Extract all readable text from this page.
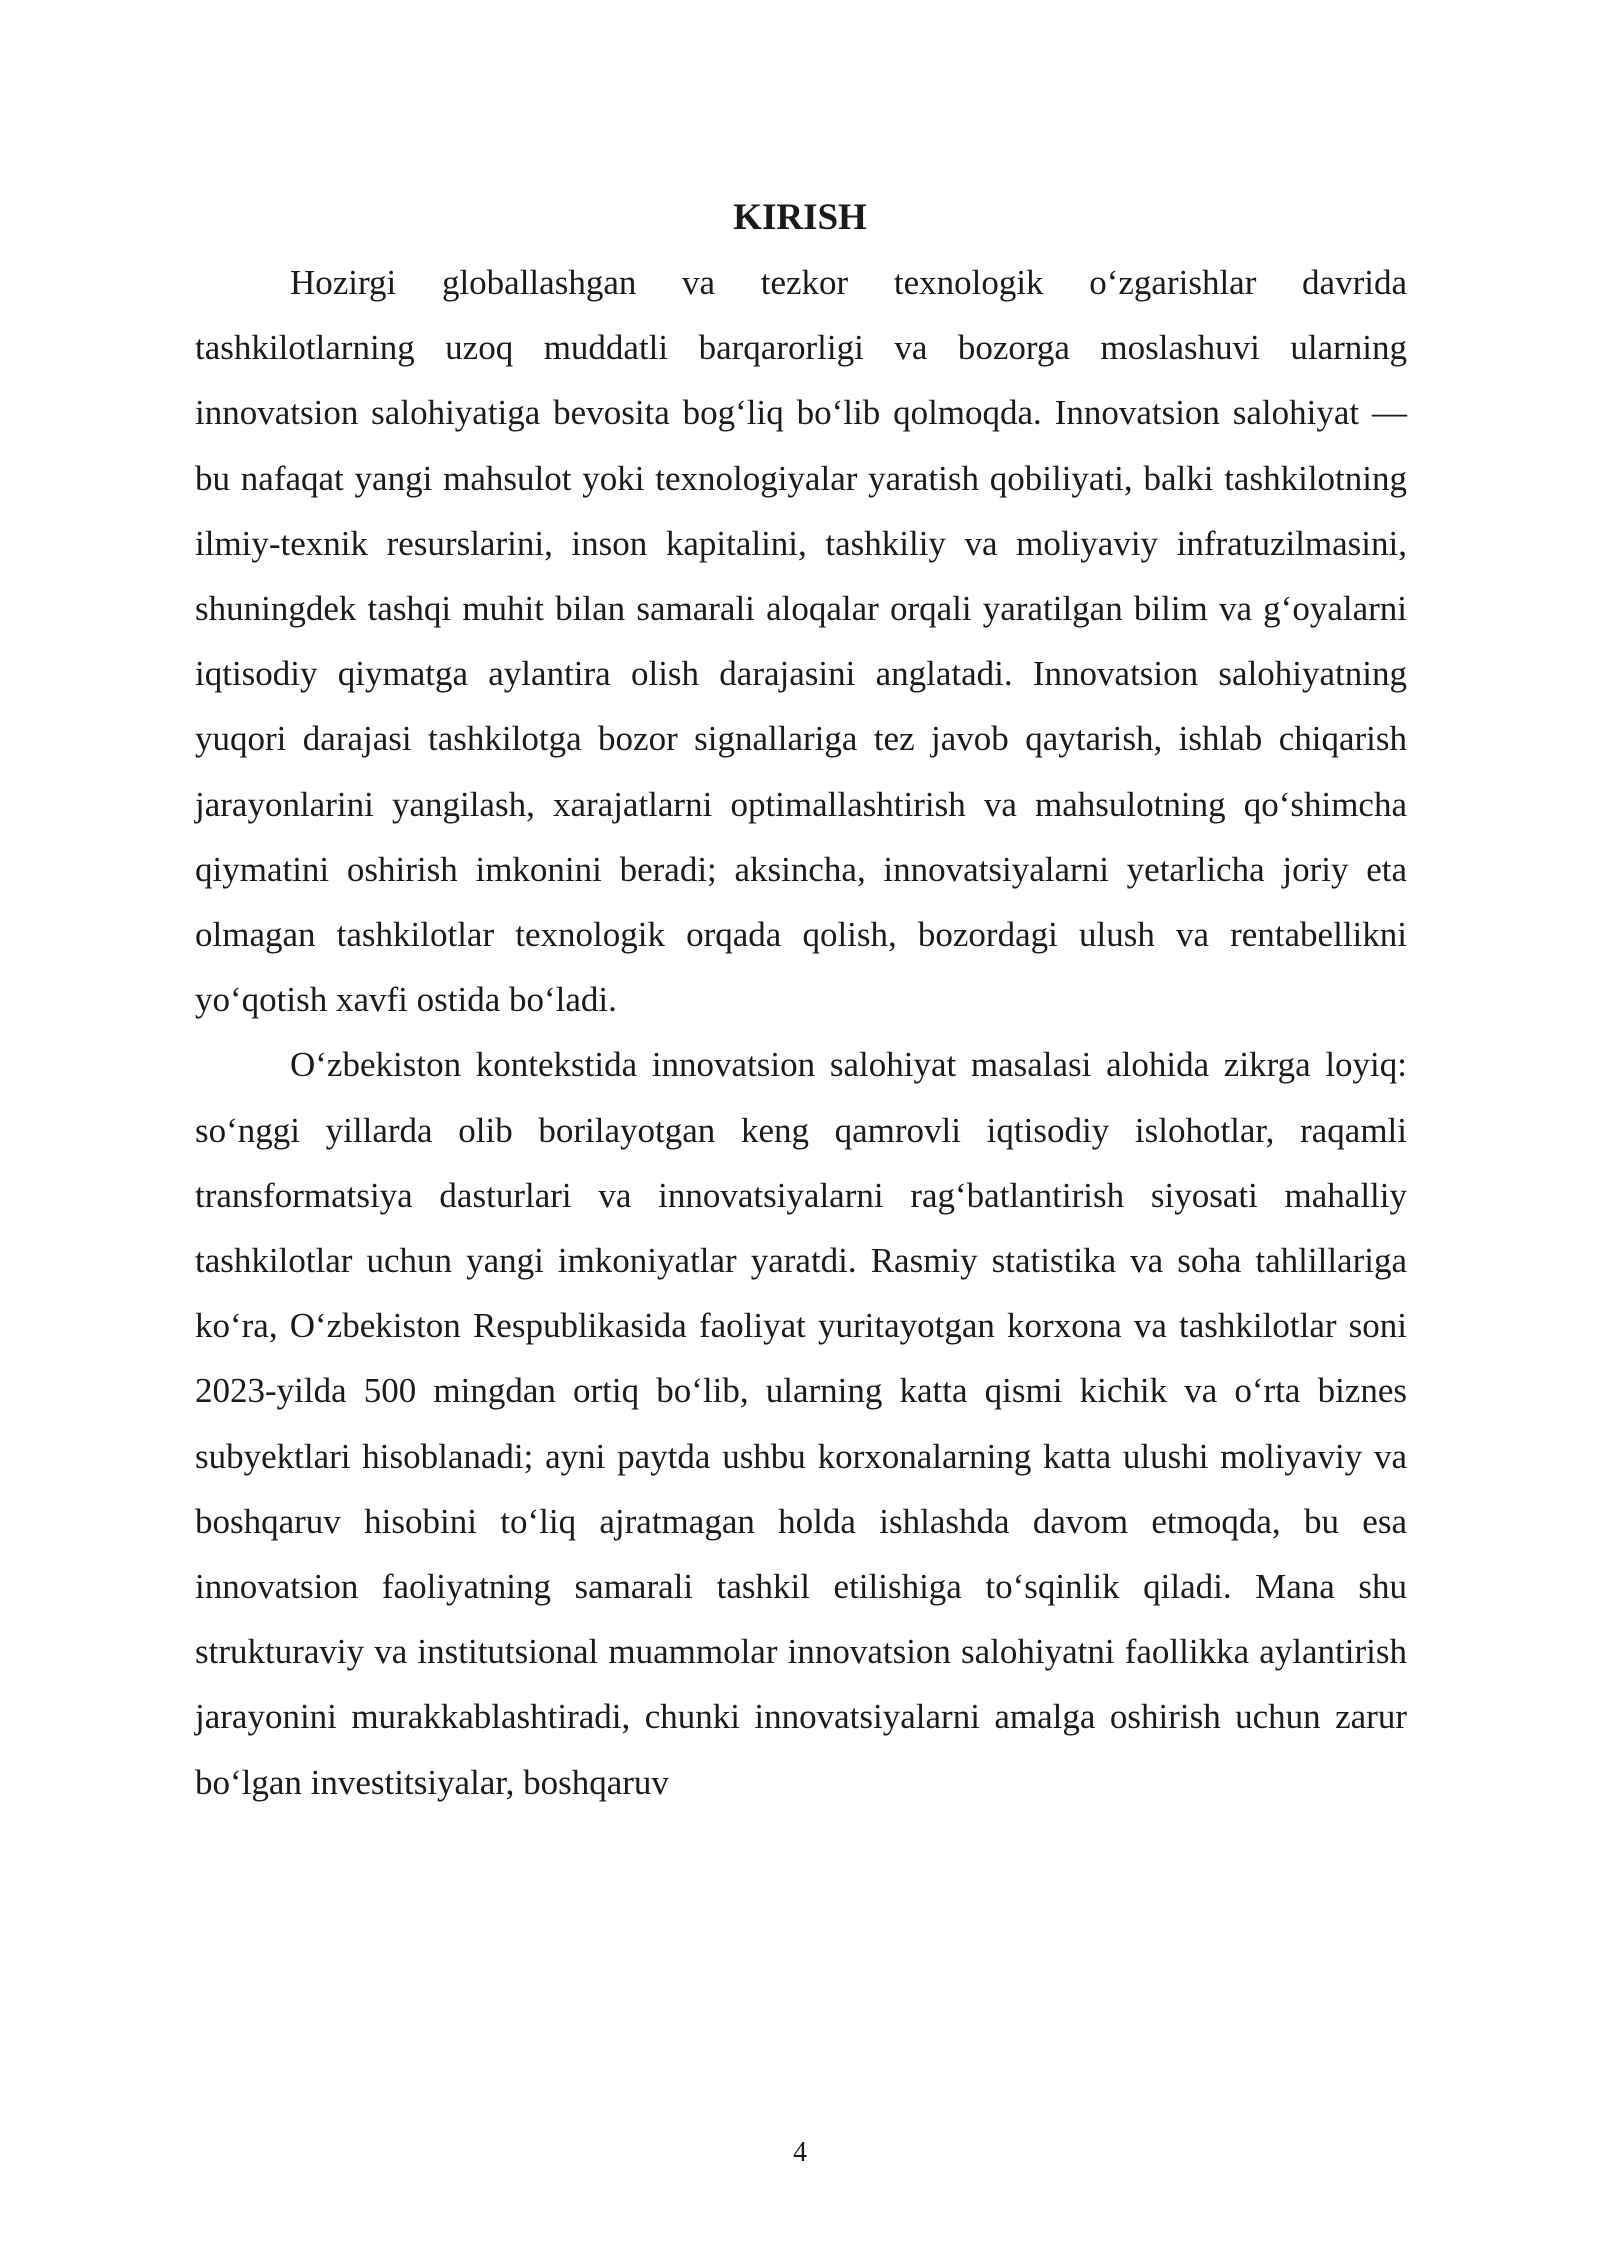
KIRISH

Hozirgi globallashgan va tezkor texnologik o‘zgarishlar davrida tashkilotlarning uzoq muddatli barqarorligi va bozorga moslashuvi ularning innovatsion salohiyatiga bevosita bog‘liq bo‘lib qolmoqda. Innovatsion salohiyat — bu nafaqat yangi mahsulot yoki texnologiyalar yaratish qobiliyati, balki tashkilotning ilmiy-texnik resurslarini, inson kapitalini, tashkiliy va moliyaviy infratuzilmasini, shuningdek tashqi muhit bilan samarali aloqalar orqali yaratilgan bilim va g‘oyalarni iqtisodiy qiymatga aylantira olish darajasini anglatadi. Innovatsion salohiyatning yuqori darajasi tashkilotga bozor signallariga tez javob qaytarish, ishlab chiqarish jarayonlarini yangilash, xarajatlarni optimallashtirish va mahsulotning qo‘shimcha qiymatini oshirish imkonini beradi; aksincha, innovatsiyalarni yetarlicha joriy eta olmagan tashkilotlar texnologik orqada qolish, bozordagi ulush va rentabellikni yo‘qotish xavfi ostida bo‘ladi.

O‘zbekiston kontekstida innovatsion salohiyat masalasi alohida zikrga loyiq: so‘nggi yillarda olib borilayotgan keng qamrovli iqtisodiy islohotlar, raqamli transformatsiya dasturlari va innovatsiyalarni rag‘batlantirish siyosati mahalliy tashkilotlar uchun yangi imkoniyatlar yaratdi. Rasmiy statistika va soha tahlillariga ko‘ra, O‘zbekiston Respublikasida faoliyat yuritayotgan korxona va tashkilotlar soni 2023-yilda 500 mingdan ortiq bo‘lib, ularning katta qismi kichik va o‘rta biznes subyektlari hisoblanadi; ayni paytda ushbu korxonalarning katta ulushi moliyaviy va boshqaruv hisobini to‘liq ajratmagan holda ishlashda davom etmoqda, bu esa innovatsion faoliyatning samarali tashkil etilishiga to‘sqinlik qiladi. Mana shu strukturaviy va institutsional muammolar innovatsion salohiyatni faollikka aylantirish jarayonini murakkablashtiradi, chunki innovatsiyalarni amalga oshirish uchun zarur bo‘lgan investitsiyalar, boshqaruv

4
